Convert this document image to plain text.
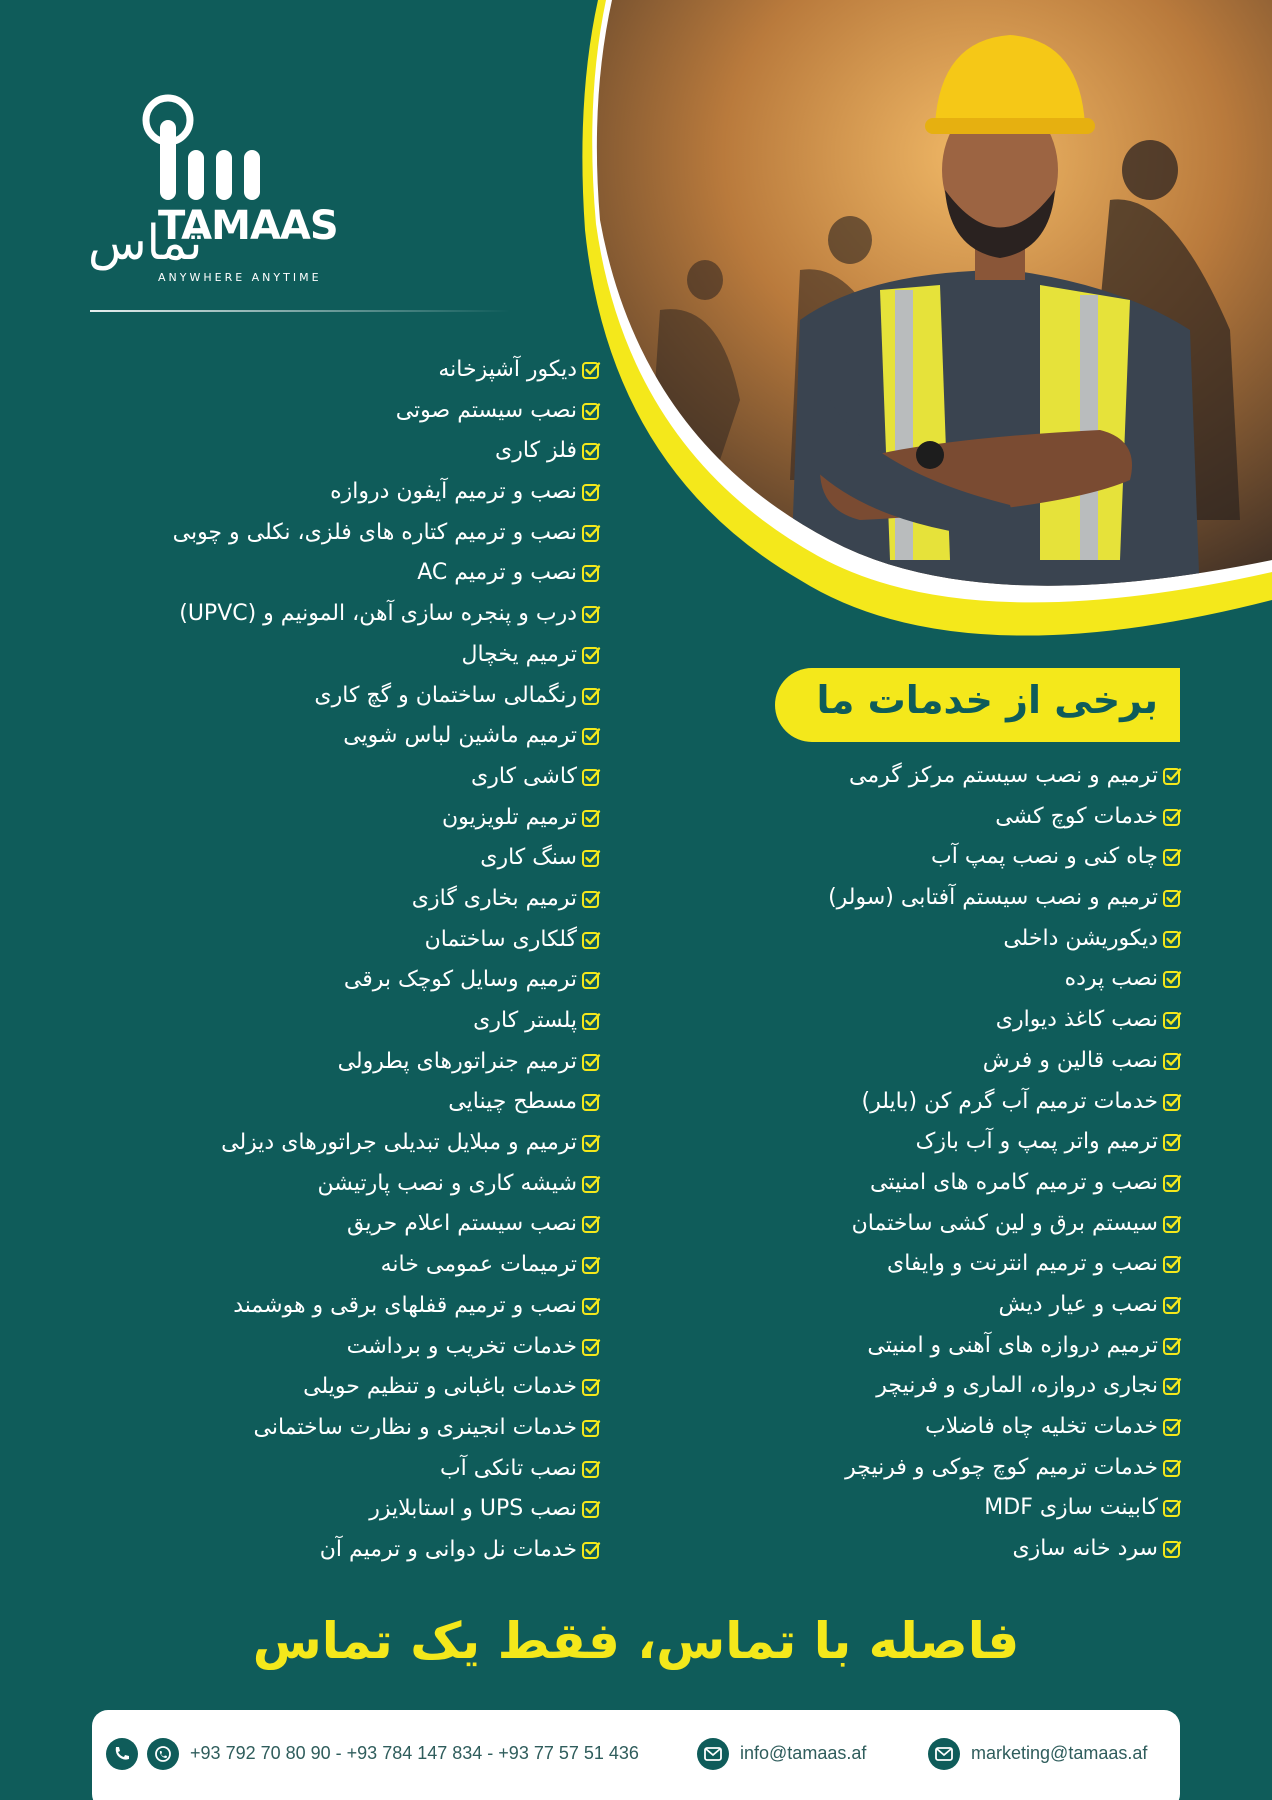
TAMAAS
تماس
ANYWHERE ANYTIME
برخی از خدمات ما
دیکور آشپزخانه
نصب سیستم صوتی
فلز کاری
نصب و ترمیم آیفون دروازه
نصب و ترمیم کتاره های فلزی، نکلی و چوبی
نصب و ترمیم AC
درب و پنجره سازی آهن، المونیم و (UPVC)
ترمیم یخچال
رنگمالی ساختمان و گچ کاری
ترمیم ماشین لباس شویی
کاشی کاری
ترمیم تلویزیون
سنگ کاری
ترمیم بخاری گازی
گلکاری ساختمان
ترمیم وسایل کوچک برقی
پلستر کاری
ترمیم جنراتورهای پطرولی
مسطح چینایی
ترمیم و مبلایل تبدیلی جراتورهای دیزلی
شیشه کاری و نصب پارتیشن
نصب سیستم اعلام حریق
ترمیمات عمومی خانه
نصب و ترمیم قفلهای برقی و هوشمند
خدمات تخریب و برداشت
خدمات باغبانی و تنظیم حویلی
خدمات انجینری و نظارت ساختمانی
نصب تانکی آب
نصب UPS و استابلایزر
خدمات نل دوانی و ترمیم آن
ترمیم و نصب سیستم مرکز گرمی
خدمات کوچ کشی
چاه کنی و نصب پمپ آب
ترمیم و نصب سیستم آفتابی (سولر)
دیکوریشن داخلی
نصب پرده
نصب کاغذ دیواری
نصب قالین و فرش
خدمات ترمیم آب گرم کن (بایلر)
ترمیم واتر پمپ و آب بازک
نصب و ترمیم کامره های امنیتی
سیستم برق و لین کشی ساختمان
نصب و ترمیم انترنت و وایفای
نصب و عیار دیش
ترمیم دروازه های آهنی و امنیتی
نجاری دروازه، الماری و فرنیچر
خدمات تخلیه چاه فاضلاب
خدمات ترمیم کوچ چوکی و فرنیچر
کابینت سازی MDF
سرد خانه سازی
فاصله با تماس، فقط یک تماس

+93 792 70 80 90 - +93 784 147 834 - +93 77 57 51 436	info@tamaas.af	marketing@tamaas.af
